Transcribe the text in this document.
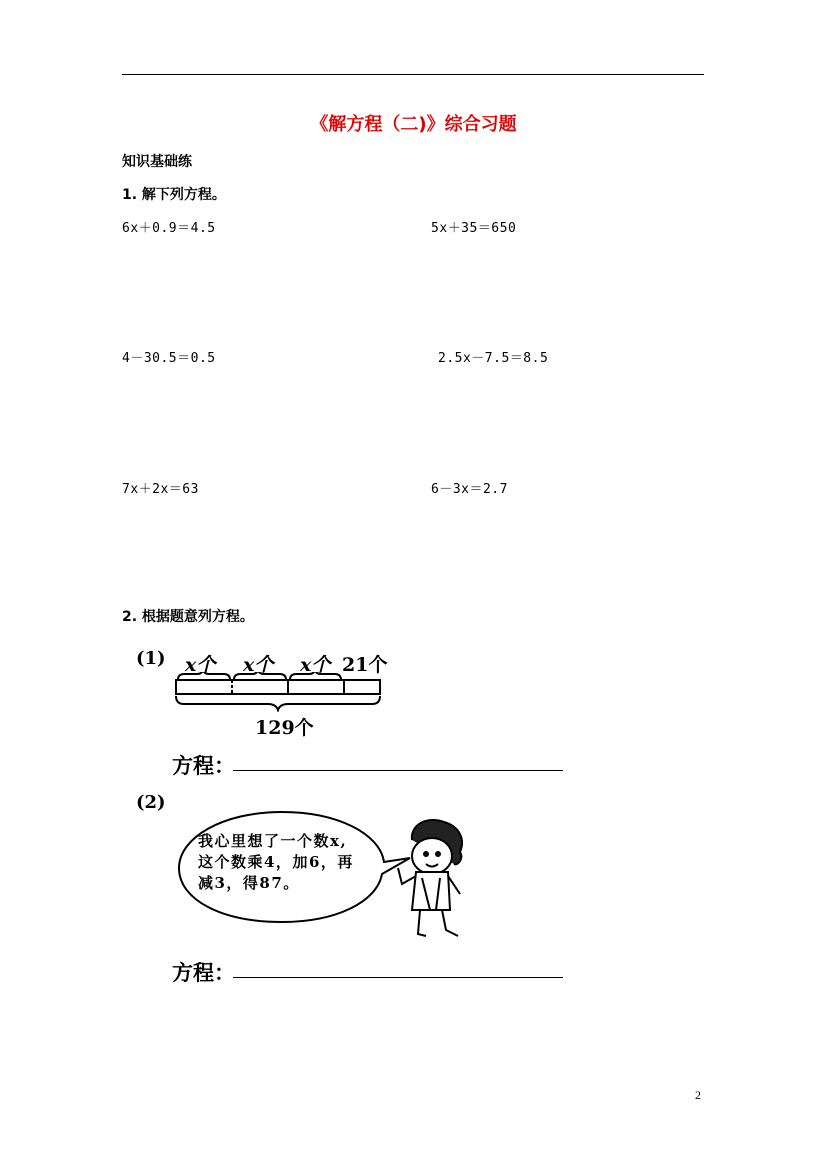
《解方程（二)》综合习题
知识基础练
1. 解下列方程。
6x＋0.9＝4.5	5x＋35＝650
4－30.5＝0.5	2.5x－7.5＝8.5
7x＋2x＝63	6－3x＝2.7
2. 根据题意列方程。
(1) x个 x个 x个 21个
129个
方程：
(2)
我心里想了一个数x,
这个数乘4，加6，再
减3，得87。
方程：
2
